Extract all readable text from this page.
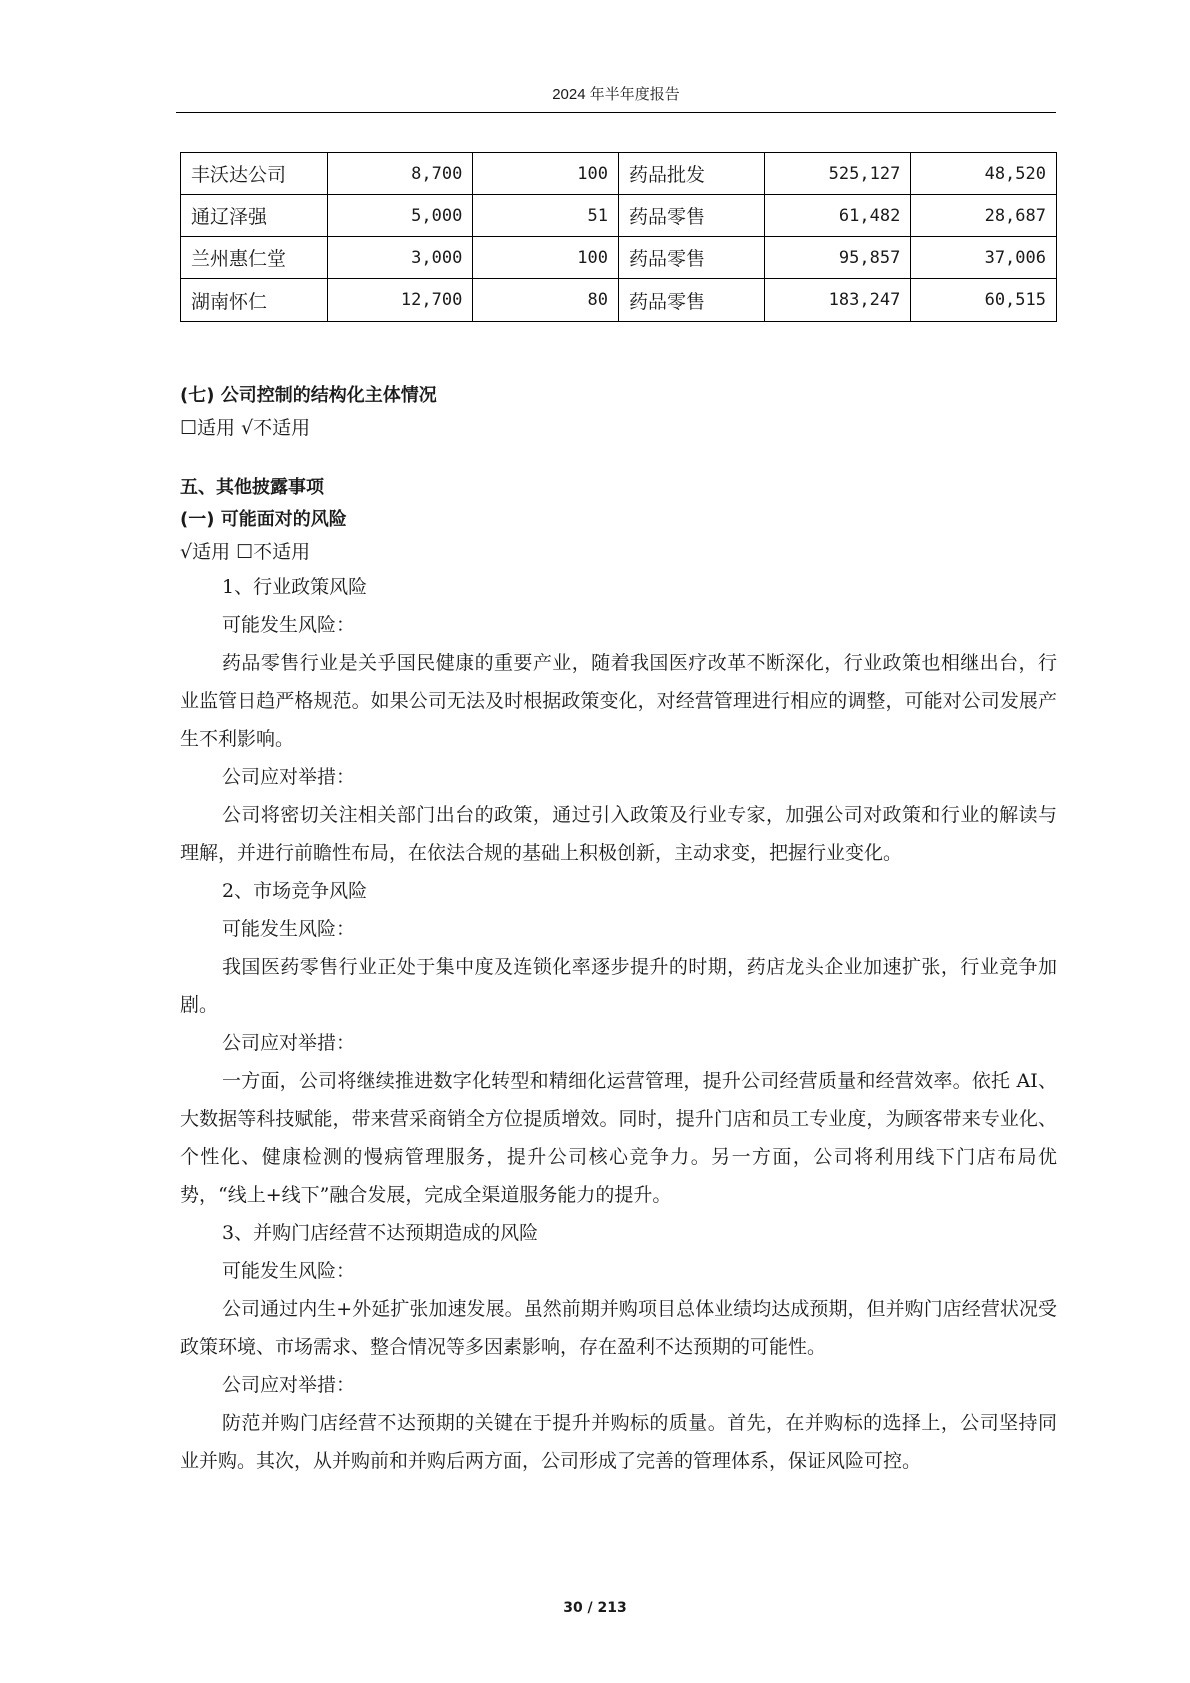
2024 年半年度报告
丰沃达公司	8,700	100	药品批发	525,127	48,520
通辽泽强	5,000	51	药品零售	61,482	28,687
兰州惠仁堂	3,000	100	药品零售	95,857	37,006
湖南怀仁	12,700	80	药品零售	183,247	60,515

(七) 公司控制的结构化主体情况

☐适用 √不适用

五、其他披露事项

(一) 可能面对的风险

√适用 ☐不适用

1、行业政策风险

可能发生风险：

药品零售行业是关乎国民健康的重要产业，随着我国医疗改革不断深化，行业政策也相继出台，行业监管日趋严格规范。如果公司无法及时根据政策变化，对经营管理进行相应的调整，可能对公司发展产生不利影响。

公司应对举措：

公司将密切关注相关部门出台的政策，通过引入政策及行业专家，加强公司对政策和行业的解读与理解，并进行前瞻性布局，在依法合规的基础上积极创新，主动求变，把握行业变化。

2、市场竞争风险

可能发生风险：

我国医药零售行业正处于集中度及连锁化率逐步提升的时期，药店龙头企业加速扩张，行业竞争加剧。

公司应对举措：

一方面，公司将继续推进数字化转型和精细化运营管理，提升公司经营质量和经营效率。依托 AI、大数据等科技赋能，带来营采商销全方位提质增效。同时，提升门店和员工专业度，为顾客带来专业化、个性化、健康检测的慢病管理服务，提升公司核心竞争力。另一方面，公司将利用线下门店布局优势，“线上+线下”融合发展，完成全渠道服务能力的提升。

3、并购门店经营不达预期造成的风险

可能发生风险：

公司通过内生+外延扩张加速发展。虽然前期并购项目总体业绩均达成预期，但并购门店经营状况受政策环境、市场需求、整合情况等多因素影响，存在盈利不达预期的可能性。

公司应对举措：

防范并购门店经营不达预期的关键在于提升并购标的质量。首先，在并购标的选择上，公司坚持同业并购。其次，从并购前和并购后两方面，公司形成了完善的管理体系，保证风险可控。

30 / 213
